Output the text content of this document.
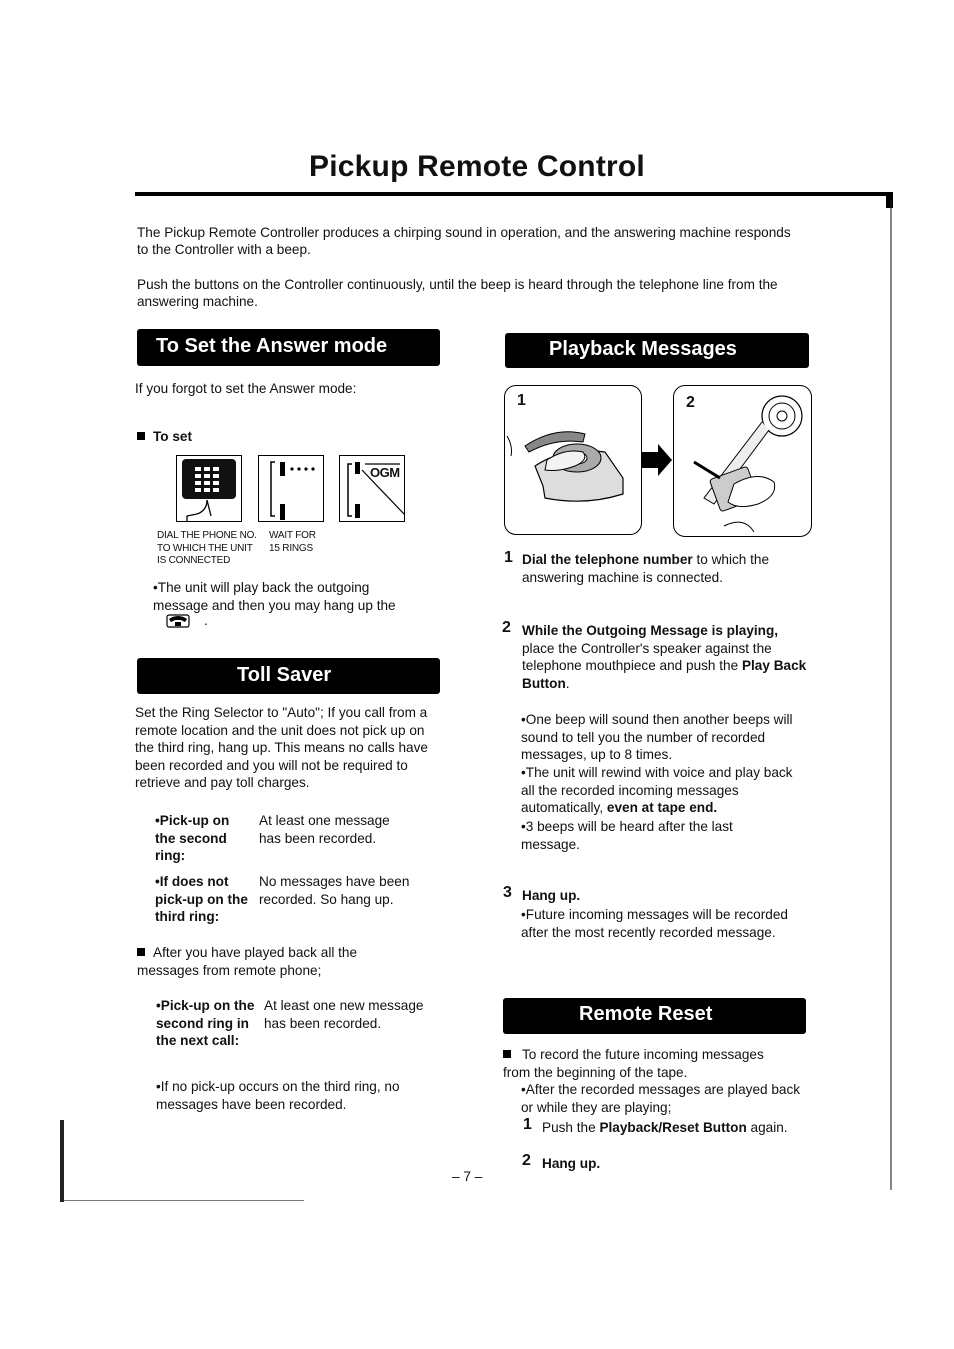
Pickup Remote Control
The Pickup Remote Controller produces a chirping sound in operation, and the answering machine responds to the Controller with a beep.
Push the buttons on the Controller continuously, until the beep is heard through the telephone line from the answering machine.
To Set the Answer mode
If you forgot to set the Answer mode:
To set
OGM
DIAL THE PHONE NO. TO WHICH THE UNIT IS CONNECTED
WAIT FOR 15 RINGS
•The unit will play back the outgoing message and then you may hang up the
.
Toll Saver
Set the Ring Selector to "Auto"; If you call from a remote location and the unit does not pick up on the third ring, hang up. This means no calls have been recorded and you will not be required to retrieve and pay toll charges.
•Pick-up on the second ring:
At least one message has been recorded.
•If does not pick-up on the third ring:
No messages have been recorded. So hang up.
After you have played back all the messages from remote phone;
•Pick-up on the second ring in the next call:
At least one new message has been recorded.
•If no pick-up occurs on the third ring, no messages have been recorded.
Playback Messages
1	2
1 Dial the telephone number to which the answering machine is connected.
2 While the Outgoing Message is playing, place the Controller's speaker against the telephone mouthpiece and push the Play Back Button.
•One beep will sound then another beeps will sound to tell you the number of recorded messages, up to 8 times.
•The unit will rewind with voice and play back all the recorded incoming messages automatically, even at tape end.
•3 beeps will be heard after the last message.
3 Hang up.
•Future incoming messages will be recorded after the most recently recorded message.
Remote Reset
To record the future incoming messages from the beginning of the tape.
•After the recorded messages are played back or while they are playing;
1 Push the Playback/Reset Button again.
2 Hang up.
– 7 –
